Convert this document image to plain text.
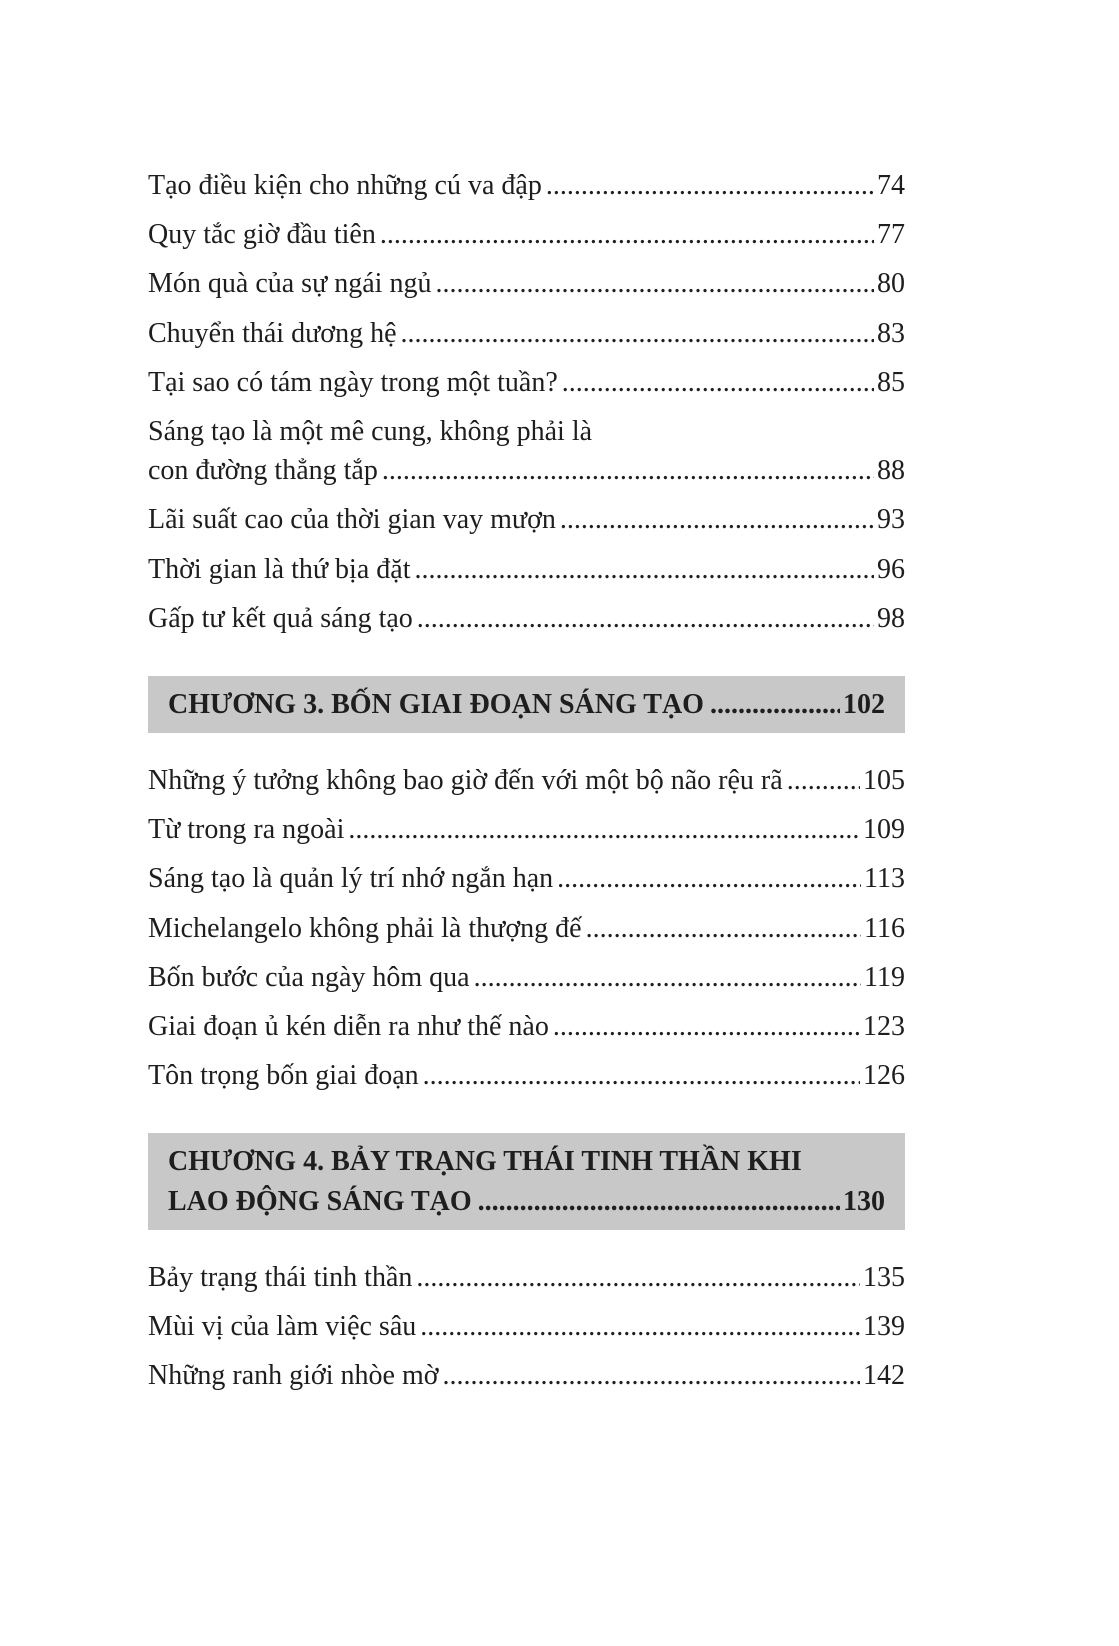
Tạo điều kiện cho những cú va đập .....	74
Quy tắc giờ đầu tiên .....	77
Món quà của sự ngái ngủ .....	80
Chuyển thái dương hệ .....	83
Tại sao có tám ngày trong một tuần? .....	85
Sáng tạo là một mê cung, không phải là
con đường thẳng tắp .....	88
Lãi suất cao của thời gian vay mượn .....	93
Thời gian là thứ bịa đặt .....	96
Gấp tư kết quả sáng tạo .....	98
CHƯƠNG 3. BỐN GIAI ĐOẠN SÁNG TẠO .....	102
Những ý tưởng không bao giờ đến với một bộ não rệu rã .....	105
Từ trong ra ngoài .....	109
Sáng tạo là quản lý trí nhớ ngắn hạn .....	113
Michelangelo không phải là thượng đế .....	116
Bốn bước của ngày hôm qua .....	119
Giai đoạn ủ kén diễn ra như thế nào .....	123
Tôn trọng bốn giai đoạn .....	126
CHƯƠNG 4. BẢY TRẠNG THÁI TINH THẦN KHI
LAO ĐỘNG SÁNG TẠO .....	130
Bảy trạng thái tinh thần .....	135
Mùi vị của làm việc sâu .....	139
Những ranh giới nhòe mờ .....	142
